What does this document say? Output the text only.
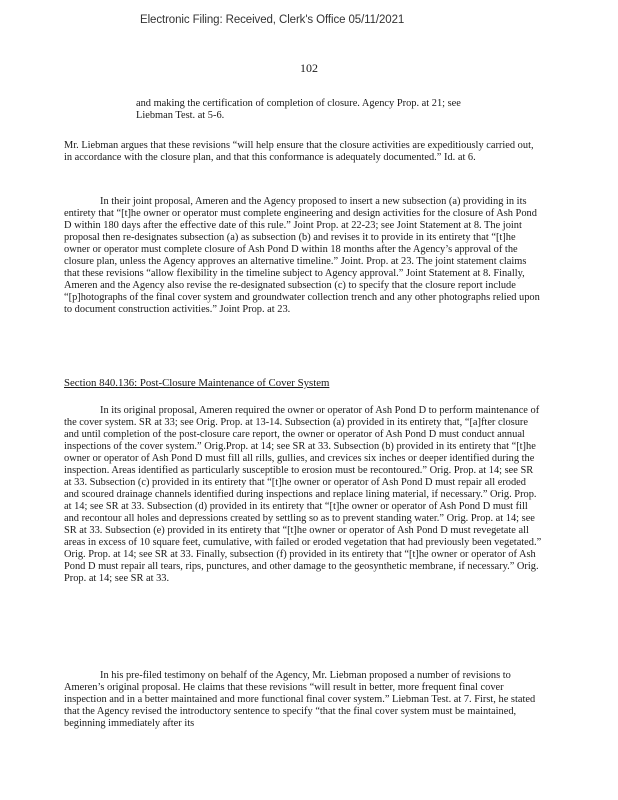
Electronic Filing: Received, Clerk's Office 05/11/2021
102

and making the certification of completion of closure. Agency Prop. at 21; see Liebman Test. at 5-6.

Mr. Liebman argues that these revisions “will help ensure that the closure activities are expeditiously carried out, in accordance with the closure plan, and that this conformance is adequately documented.” Id. at 6.

In their joint proposal, Ameren and the Agency proposed to insert a new subsection (a) providing in its entirety that “[t]he owner or operator must complete engineering and design activities for the closure of Ash Pond D within 180 days after the effective date of this rule.” Joint Prop. at 22-23; see Joint Statement at 8. The joint proposal then re-designates subsection (a) as subsection (b) and revises it to provide in its entirety that “[t]he owner or operator must complete closure of Ash Pond D within 18 months after the Agency’s approval of the closure plan, unless the Agency approves an alternative timeline.” Joint. Prop. at 23. The joint statement claims that these revisions “allow flexibility in the timeline subject to Agency approval.” Joint Statement at 8. Finally, Ameren and the Agency also revise the re-designated subsection (c) to specify that the closure report include “[p]hotographs of the final cover system and groundwater collection trench and any other photographs relied upon to document construction activities.” Joint Prop. at 23.

Section 840.136: Post-Closure Maintenance of Cover System

In its original proposal, Ameren required the owner or operator of Ash Pond D to perform maintenance of the cover system. SR at 33; see Orig. Prop. at 13-14. Subsection (a) provided in its entirety that, “[a]fter closure and until completion of the post-closure care report, the owner or operator of Ash Pond D must conduct annual inspections of the cover system.” Orig.Prop. at 14; see SR at 33. Subsection (b) provided in its entirety that “[t]he owner or operator of Ash Pond D must fill all rills, gullies, and crevices six inches or deeper identified during the inspection. Areas identified as particularly susceptible to erosion must be recontoured.” Orig. Prop. at 14; see SR at 33. Subsection (c) provided in its entirety that “[t]he owner or operator of Ash Pond D must repair all eroded and scoured drainage channels identified during inspections and replace lining material, if necessary.” Orig. Prop. at 14; see SR at 33. Subsection (d) provided in its entirety that “[t]he owner or operator of Ash Pond D must fill and recontour all holes and depressions created by settling so as to prevent standing water.” Orig. Prop. at 14; see SR at 33. Subsection (e) provided in its entirety that “[t]he owner or operator of Ash Pond D must revegetate all areas in excess of 10 square feet, cumulative, with failed or eroded vegetation that had previously been vegetated.” Orig. Prop. at 14; see SR at 33. Finally, subsection (f) provided in its entirety that “[t]he owner or operator of Ash Pond D must repair all tears, rips, punctures, and other damage to the geosynthetic membrane, if necessary.” Orig. Prop. at 14; see SR at 33.

In his pre-filed testimony on behalf of the Agency, Mr. Liebman proposed a number of revisions to Ameren’s original proposal. He claims that these revisions “will result in better, more frequent final cover inspection and in a better maintained and more functional final cover system.” Liebman Test. at 7. First, he stated that the Agency revised the introductory sentence to specify “that the final cover system must be maintained, beginning immediately after its
